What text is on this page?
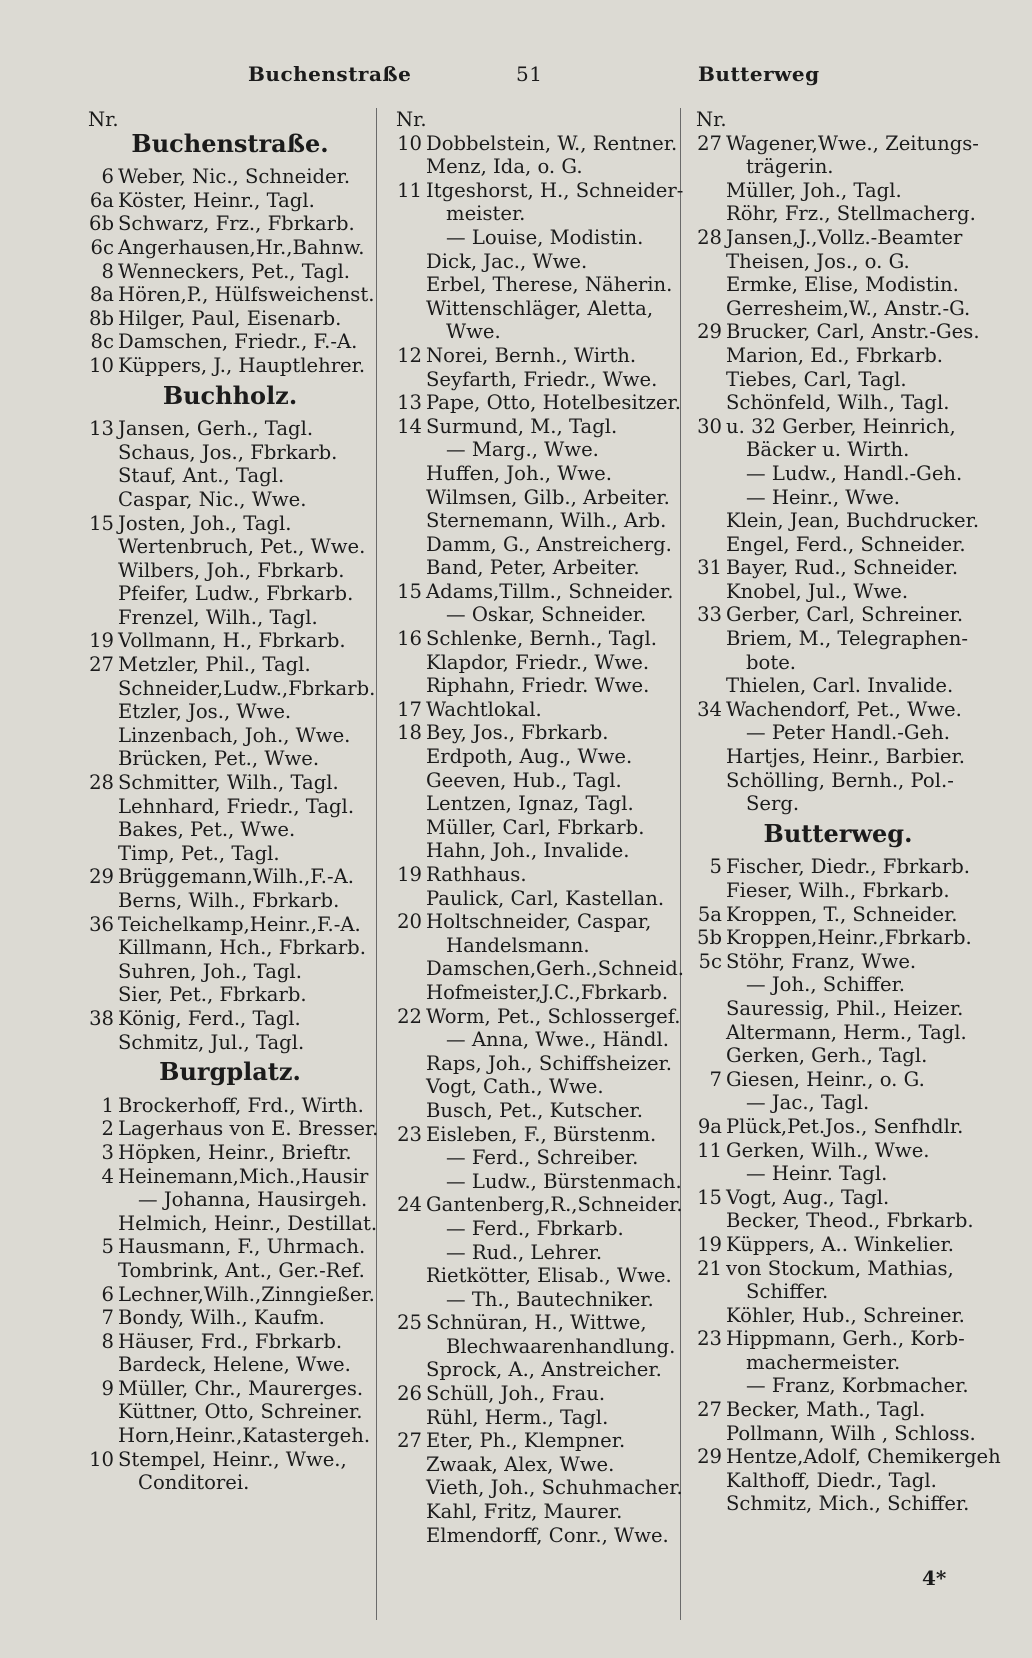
Buchenstraße	51	Butterweg
Nr.
Buchenstraße.
6 Weber, Nic., Schneider.
6a Köster, Heinr., Tagl.
6b Schwarz, Frz., Fbrkarb.
6c Angerhausen,Hr.,Bahnw.
8 Wenneckers, Pet., Tagl.
8a Hören,P., Hülfsweichenst.
8b Hilger, Paul, Eisenarb.
8c Damschen, Friedr., F.-A.
10 Küppers, J., Hauptlehrer.
Buchholz.
13 Jansen, Gerh., Tagl.
Schaus, Jos., Fbrkarb.
Stauf, Ant., Tagl.
Caspar, Nic., Wwe.
15 Josten, Joh., Tagl.
Wertenbruch, Pet., Wwe.
Wilbers, Joh., Fbrkarb.
Pfeifer, Ludw., Fbrkarb.
Frenzel, Wilh., Tagl.
19 Vollmann, H., Fbrkarb.
27 Metzler, Phil., Tagl.
Schneider,Ludw.,Fbrkarb.
Etzler, Jos., Wwe.
Linzenbach, Joh., Wwe.
Brücken, Pet., Wwe.
28 Schmitter, Wilh., Tagl.
Lehnhard, Friedr., Tagl.
Bakes, Pet., Wwe.
Timp, Pet., Tagl.
29 Brüggemann,Wilh.,F.-A.
Berns, Wilh., Fbrkarb.
36 Teichelkamp,Heinr.,F.-A.
Killmann, Hch., Fbrkarb.
Suhren, Joh., Tagl.
Sier, Pet., Fbrkarb.
38 König, Ferd., Tagl.
Schmitz, Jul., Tagl.
Burgplatz.
1 Brockerhoff, Frd., Wirth.
2 Lagerhaus von E. Bresser.
3 Höpken, Heinr., Brieftr.
4 Heinemann,Mich.,Hausir
— Johanna, Hausirgeh.
Helmich, Heinr., Destillat.
5 Hausmann, F., Uhrmach.
Tombrink, Ant., Ger.-Ref.
6 Lechner,Wilh.,Zinngießer.
7 Bondy, Wilh., Kaufm.
8 Häuser, Frd., Fbrkarb.
Bardeck, Helene, Wwe.
9 Müller, Chr., Maurerges.
Küttner, Otto, Schreiner.
Horn,Heinr.,Katastergeh.
10 Stempel, Heinr., Wwe.,
Conditorei.
Nr.
10 Dobbelstein, W., Rentner.
Menz, Ida, o. G.
11 Itgeshorst, H., Schneider-
meister.
— Louise, Modistin.
Dick, Jac., Wwe.
Erbel, Therese, Näherin.
Wittenschläger, Aletta,
Wwe.
12 Norei, Bernh., Wirth.
Seyfarth, Friedr., Wwe.
13 Pape, Otto, Hotelbesitzer.
14 Surmund, M., Tagl.
— Marg., Wwe.
Huffen, Joh., Wwe.
Wilmsen, Gilb., Arbeiter.
Sternemann, Wilh., Arb.
Damm, G., Anstreicherg.
Band, Peter, Arbeiter.
15 Adams,Tillm., Schneider.
— Oskar, Schneider.
16 Schlenke, Bernh., Tagl.
Klapdor, Friedr., Wwe.
Riphahn, Friedr. Wwe.
17 Wachtlokal.
18 Bey, Jos., Fbrkarb.
Erdpoth, Aug., Wwe.
Geeven, Hub., Tagl.
Lentzen, Ignaz, Tagl.
Müller, Carl, Fbrkarb.
Hahn, Joh., Invalide.
19 Rathhaus.
Paulick, Carl, Kastellan.
20 Holtschneider, Caspar,
Handelsmann.
Damschen,Gerh.,Schneid.
Hofmeister,J.C.,Fbrkarb.
22 Worm, Pet., Schlossergef.
— Anna, Wwe., Händl.
Raps, Joh., Schiffsheizer.
Vogt, Cath., Wwe.
Busch, Pet., Kutscher.
23 Eisleben, F., Bürstenm.
— Ferd., Schreiber.
— Ludw., Bürstenmach.
24 Gantenberg,R.,Schneider.
— Ferd., Fbrkarb.
— Rud., Lehrer.
Rietkötter, Elisab., Wwe.
— Th., Bautechniker.
25 Schnüran, H., Wittwe,
Blechwaarenhandlung.
Sprock, A., Anstreicher.
26 Schüll, Joh., Frau.
Rühl, Herm., Tagl.
27 Eter, Ph., Klempner.
Zwaak, Alex, Wwe.
Vieth, Joh., Schuhmacher.
Kahl, Fritz, Maurer.
Elmendorff, Conr., Wwe.
Nr.
27 Wagener,Wwe., Zeitungs-
trägerin.
Müller, Joh., Tagl.
Röhr, Frz., Stellmacherg.
28 Jansen,J.,Vollz.-Beamter
Theisen, Jos., o. G.
Ermke, Elise, Modistin.
Gerresheim,W., Anstr.-G.
29 Brucker, Carl, Anstr.-Ges.
Marion, Ed., Fbrkarb.
Tiebes, Carl, Tagl.
Schönfeld, Wilh., Tagl.
30 u. 32 Gerber, Heinrich,
Bäcker u. Wirth.
— Ludw., Handl.-Geh.
— Heinr., Wwe.
Klein, Jean, Buchdrucker.
Engel, Ferd., Schneider.
31 Bayer, Rud., Schneider.
Knobel, Jul., Wwe.
33 Gerber, Carl, Schreiner.
Briem, M., Telegraphen-
bote.
Thielen, Carl. Invalide.
34 Wachendorf, Pet., Wwe.
— Peter Handl.-Geh.
Hartjes, Heinr., Barbier.
Schölling, Bernh., Pol.-
Serg.
Butterweg.
5 Fischer, Diedr., Fbrkarb.
Fieser, Wilh., Fbrkarb.
5a Kroppen, T., Schneider.
5b Kroppen,Heinr.,Fbrkarb.
5c Stöhr, Franz, Wwe.
— Joh., Schiffer.
Sauressig, Phil., Heizer.
Altermann, Herm., Tagl.
Gerken, Gerh., Tagl.
7 Giesen, Heinr., o. G.
— Jac., Tagl.
9a Plück,Pet.Jos., Senfhdlr.
11 Gerken, Wilh., Wwe.
— Heinr. Tagl.
15 Vogt, Aug., Tagl.
Becker, Theod., Fbrkarb.
19 Küppers, A.. Winkelier.
21 von Stockum, Mathias,
Schiffer.
Köhler, Hub., Schreiner.
23 Hippmann, Gerh., Korb-
machermeister.
— Franz, Korbmacher.
27 Becker, Math., Tagl.
Pollmann, Wilh , Schloss.
29 Hentze,Adolf, Chemikergeh
Kalthoff, Diedr., Tagl.
Schmitz, Mich., Schiffer.
4*
